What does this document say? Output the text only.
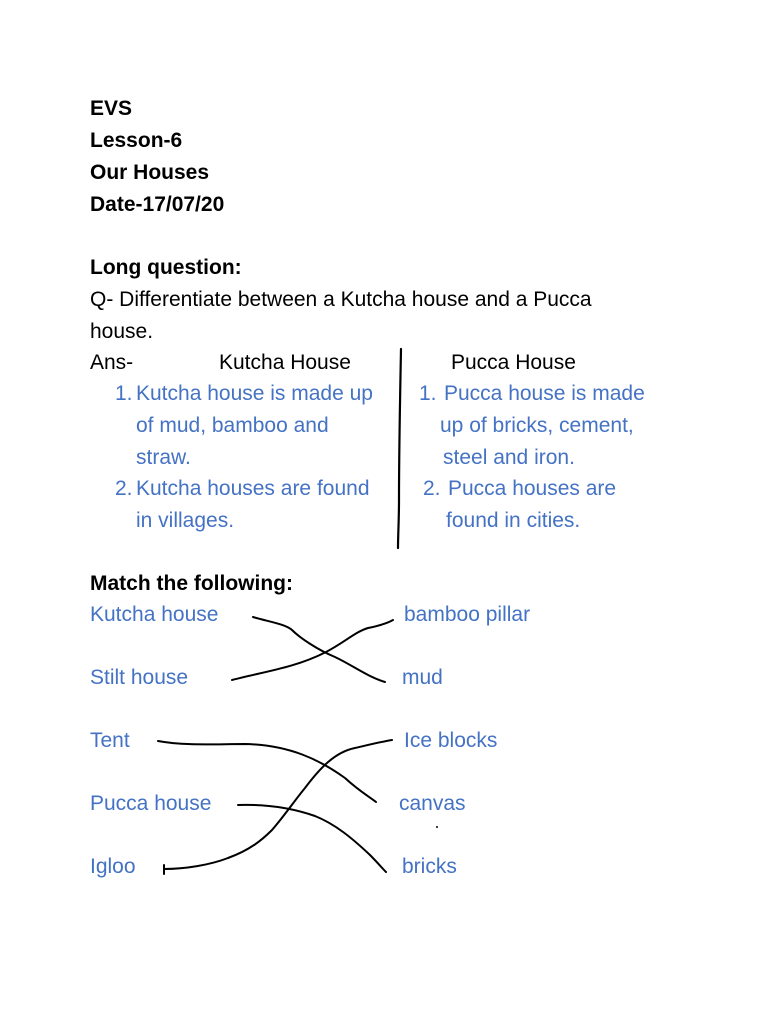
EVS
Lesson-6
Our Houses
Date-17/07/20
Long question:
Q- Differentiate between a Kutcha house and a Pucca
house.
Ans-	Kutcha House	Pucca House
1. Kutcha house is made up
of mud, bamboo and
straw.
2. Kutcha houses are found
in villages.
1. Pucca house is made
up of bricks, cement,
steel and iron.
2. Pucca houses are
found in cities.
Match the following:
Kutcha house
Stilt house
Tent
Pucca house
Igloo
bamboo pillar
mud
Ice blocks
canvas
bricks
